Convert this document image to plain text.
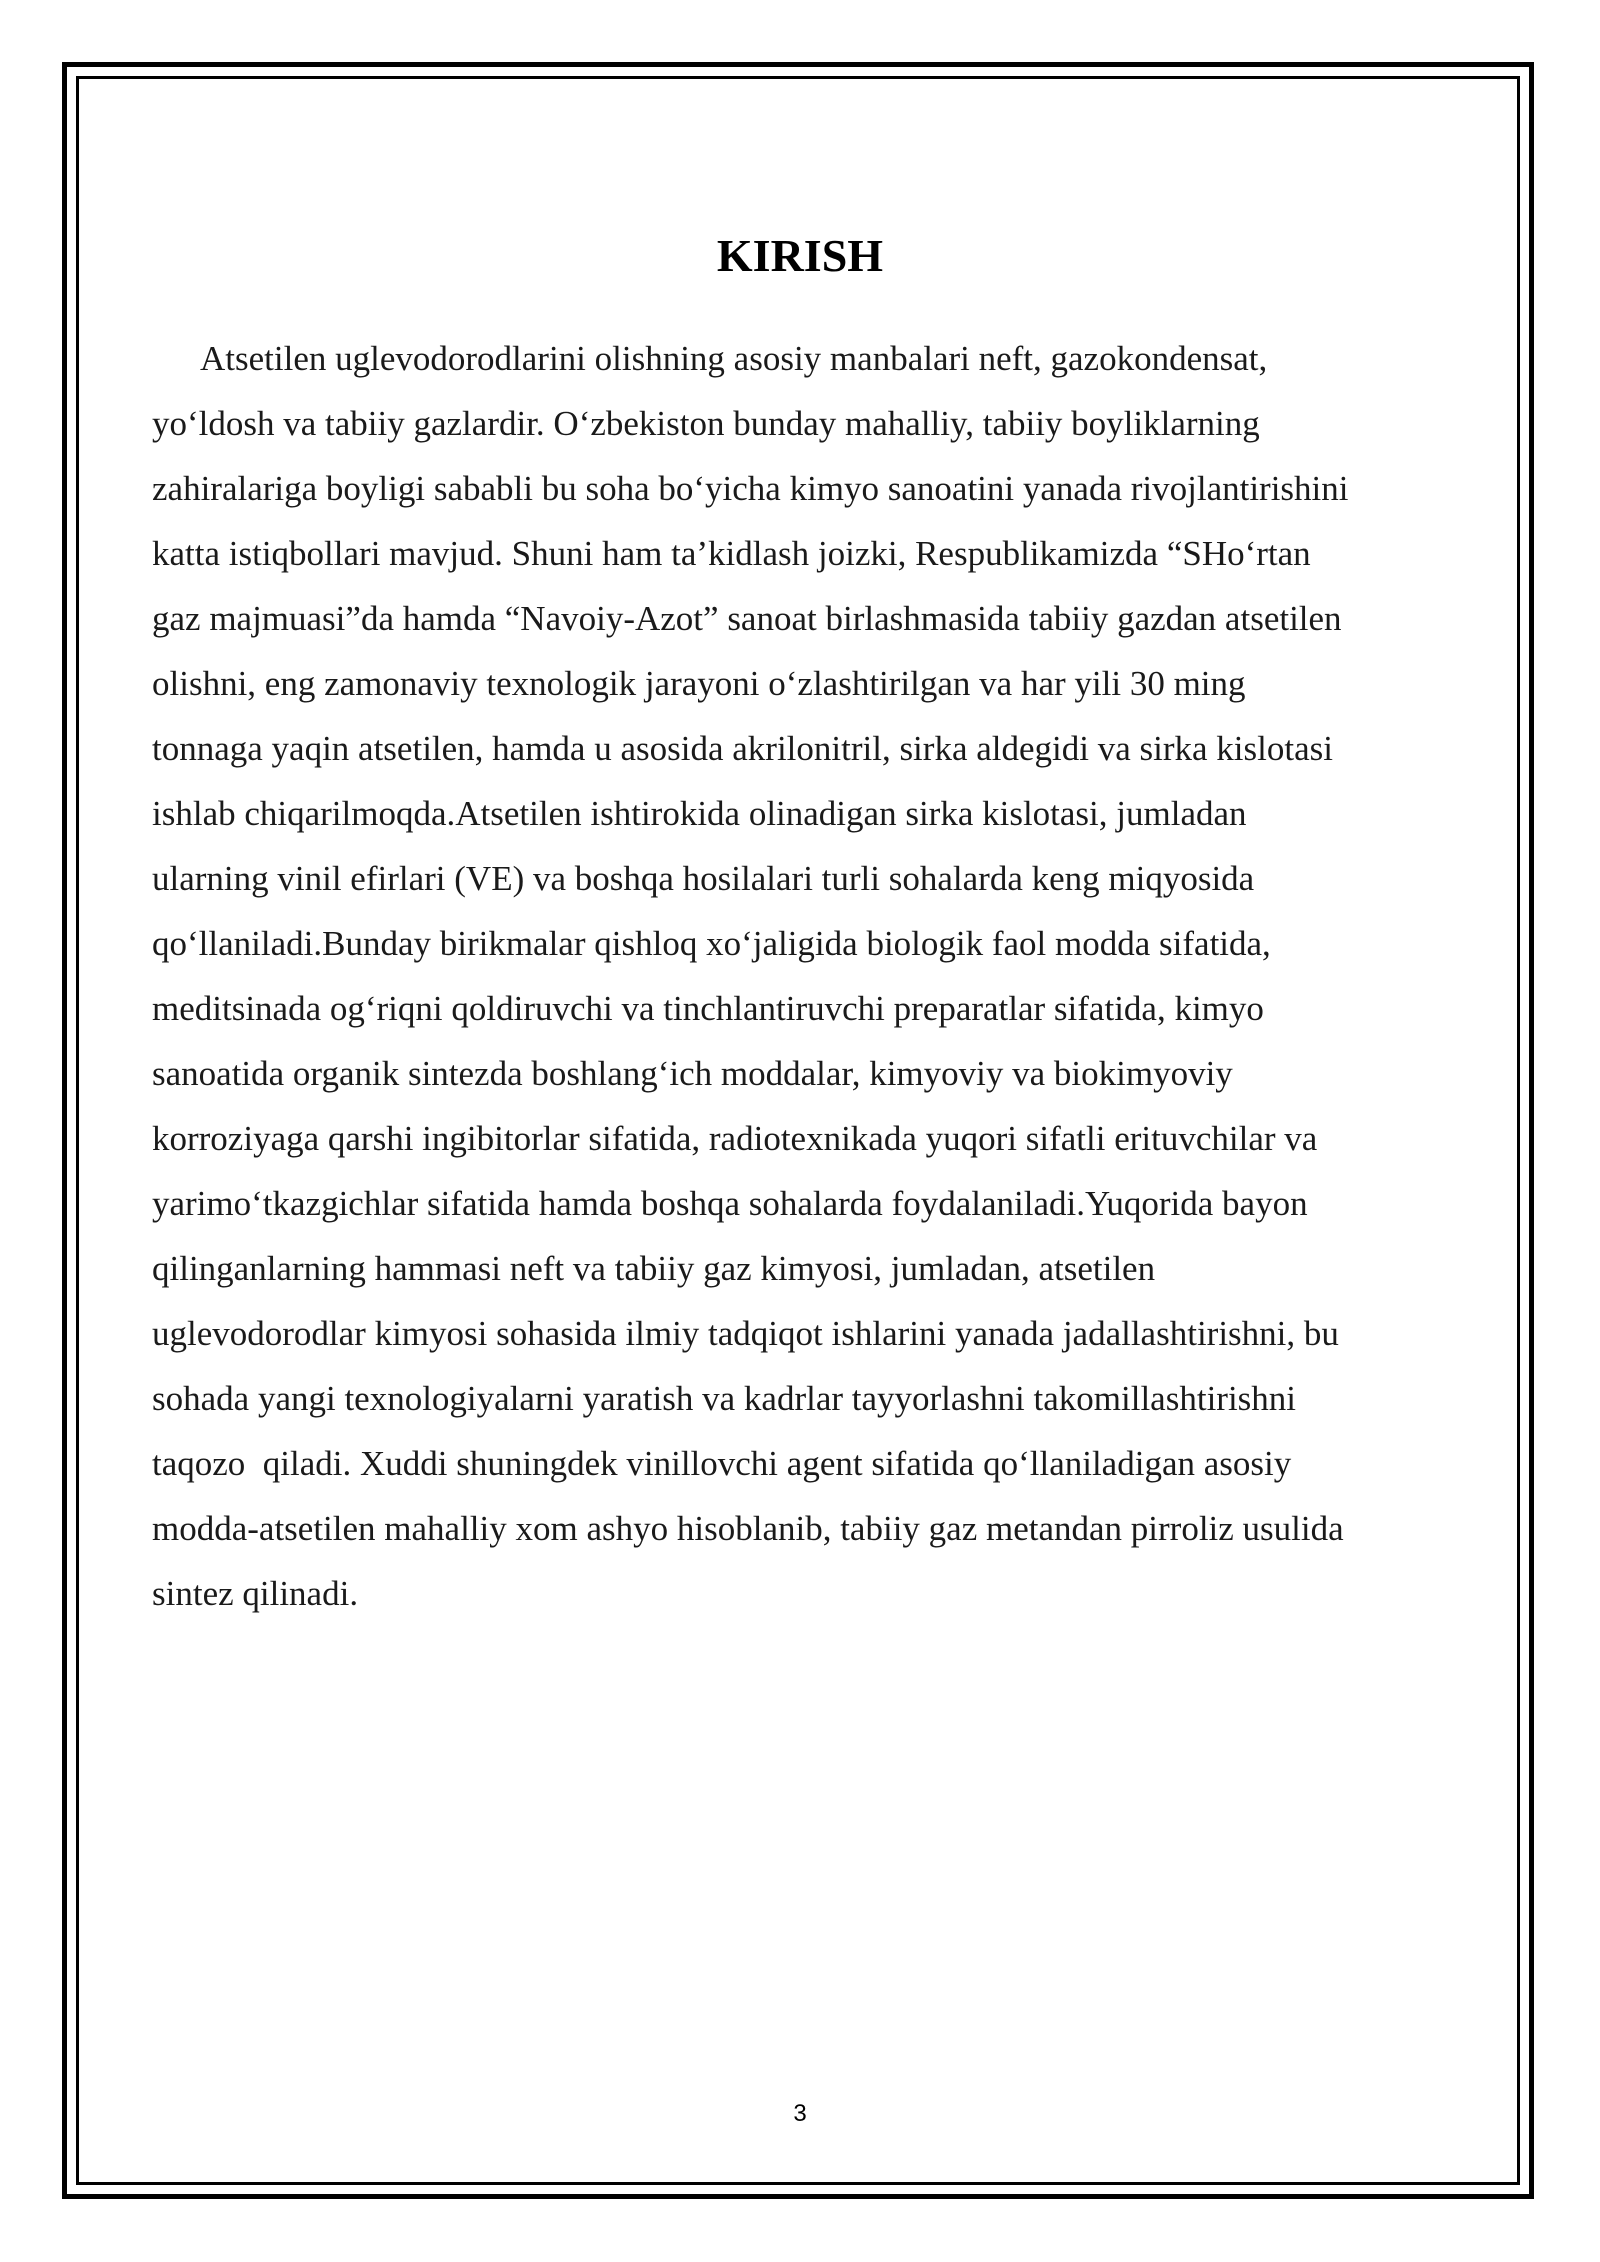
KIRISH
Atsetilen uglevodorodlarini olishning asosiy manbalari neft, gazokondensat,
yo‘ldosh va tabiiy gazlardir. O‘zbekiston bunday mahalliy, tabiiy boyliklarning
zahiralariga boyligi sababli bu soha bo‘yicha kimyo sanoatini yanada rivojlantirishini
katta istiqbollari mavjud. Shuni ham ta’kidlash joizki, Respublikamizda “SHo‘rtan
gaz majmuasi”da hamda “Navoiy-Azot” sanoat birlashmasida tabiiy gazdan atsetilen
olishni, eng zamonaviy texnologik jarayoni o‘zlashtirilgan va har yili 30 ming
tonnaga yaqin atsetilen, hamda u asosida akrilonitril, sirka aldegidi va sirka kislotasi
ishlab chiqarilmoqda.Atsetilen ishtirokida olinadigan sirka kislotasi, jumladan
ularning vinil efirlari (VE) va boshqa hosilalari turli sohalarda keng miqyosida
qo‘llaniladi.Bunday birikmalar qishloq xo‘jaligida biologik faol modda sifatida,
meditsinada og‘riqni qoldiruvchi va tinchlantiruvchi preparatlar sifatida, kimyo
sanoatida organik sintezda boshlang‘ich moddalar, kimyoviy va biokimyoviy
korroziyaga qarshi ingibitorlar sifatida, radiotexnikada yuqori sifatli erituvchilar va
yarimo‘tkazgichlar sifatida hamda boshqa sohalarda foydalaniladi.Yuqorida bayon
qilinganlarning hammasi neft va tabiiy gaz kimyosi, jumladan, atsetilen
uglevodorodlar kimyosi sohasida ilmiy tadqiqot ishlarini yanada jadallashtirishni, bu
sohada yangi texnologiyalarni yaratish va kadrlar tayyorlashni takomillashtirishni
taqozo  qiladi. Xuddi shuningdek vinillovchi agent sifatida qo‘llaniladigan asosiy
modda-atsetilen mahalliy xom ashyo hisoblanib, tabiiy gaz metandan pirroliz usulida
sintez qilinadi.
3
